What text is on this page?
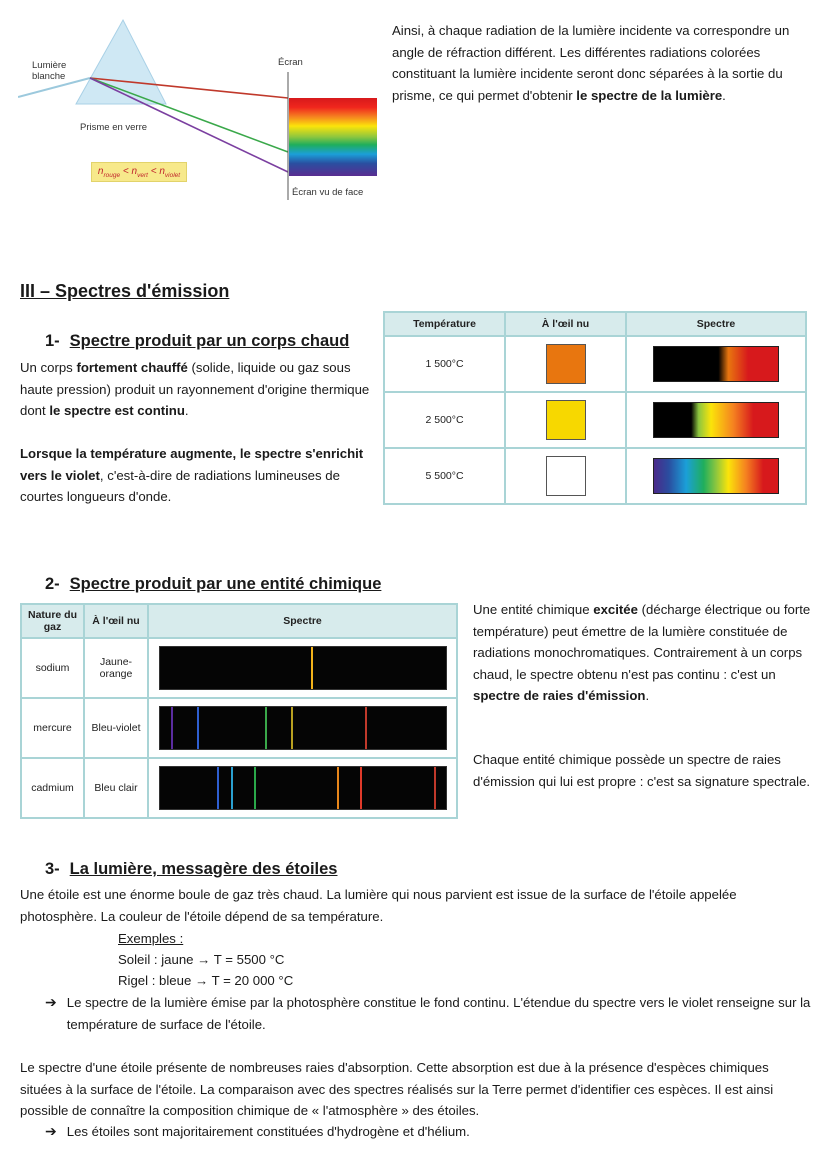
Lumière
blanche
Prisme en verre
Écran
Écran vu de face
$n_{rouge} < n_{vert} < n_{violet}$

Ainsi, à chaque radiation de la lumière incidente va correspondre un angle de réfraction différent. Les différentes radiations colorées constituant la lumière incidente seront donc séparées à la sortie du prisme, ce qui permet d'obtenir le spectre de la lumière.

III – Spectres d'émission
1- Spectre produit par un corps chaud

Un corps fortement chauffé (solide, liquide ou gaz sous haute pression) produit un rayonnement d'origine thermique dont le spectre est continu.

Lorsque la température augmente, le spectre s'enrichit vers le violet, c'est-à-dire de radiations lumineuses de courtes longueurs d'onde.

Température	À l'œil nu	Spectre
1 500°C	

2 500°C	

5 500°C	

2- Spectre produit par une entité chimique
Nature du gaz	À l'œil nu	Spectre
sodium	Jaune-orange	

mercure	Bleu-violet	

cadmium	Bleu clair	

Une entité chimique excitée (décharge électrique ou forte température) peut émettre de la lumière constituée de radiations monochromatiques. Contrairement à un corps chaud, le spectre obtenu n'est pas continu : c'est un spectre de raies d'émission.

Chaque entité chimique possède un spectre de raies d'émission qui lui est propre : c'est sa signature spectrale.

3- La lumière, messagère des étoiles

Une étoile est une énorme boule de gaz très chaud. La lumière qui nous parvient est issue de la surface de l'étoile appelée photosphère. La couleur de l'étoile dépend de sa température.

Exemples :

Soleil : jaune → T = 5500 °C

Rigel : bleue → T = 20 000 °C

➔ Le spectre de la lumière émise par la photosphère constitue le fond continu. L'étendue du spectre vers le violet renseigne sur la température de surface de l'étoile.

Le spectre d'une étoile présente de nombreuses raies d'absorption. Cette absorption est due à la présence d'espèces chimiques situées à la surface de l'étoile. La comparaison avec des spectres réalisés sur la Terre permet d'identifier ces espèces. Il est ainsi possible de connaître la composition chimique de « l'atmosphère » des étoiles.

➔ Les étoiles sont majoritairement constituées d'hydrogène et d'hélium.
